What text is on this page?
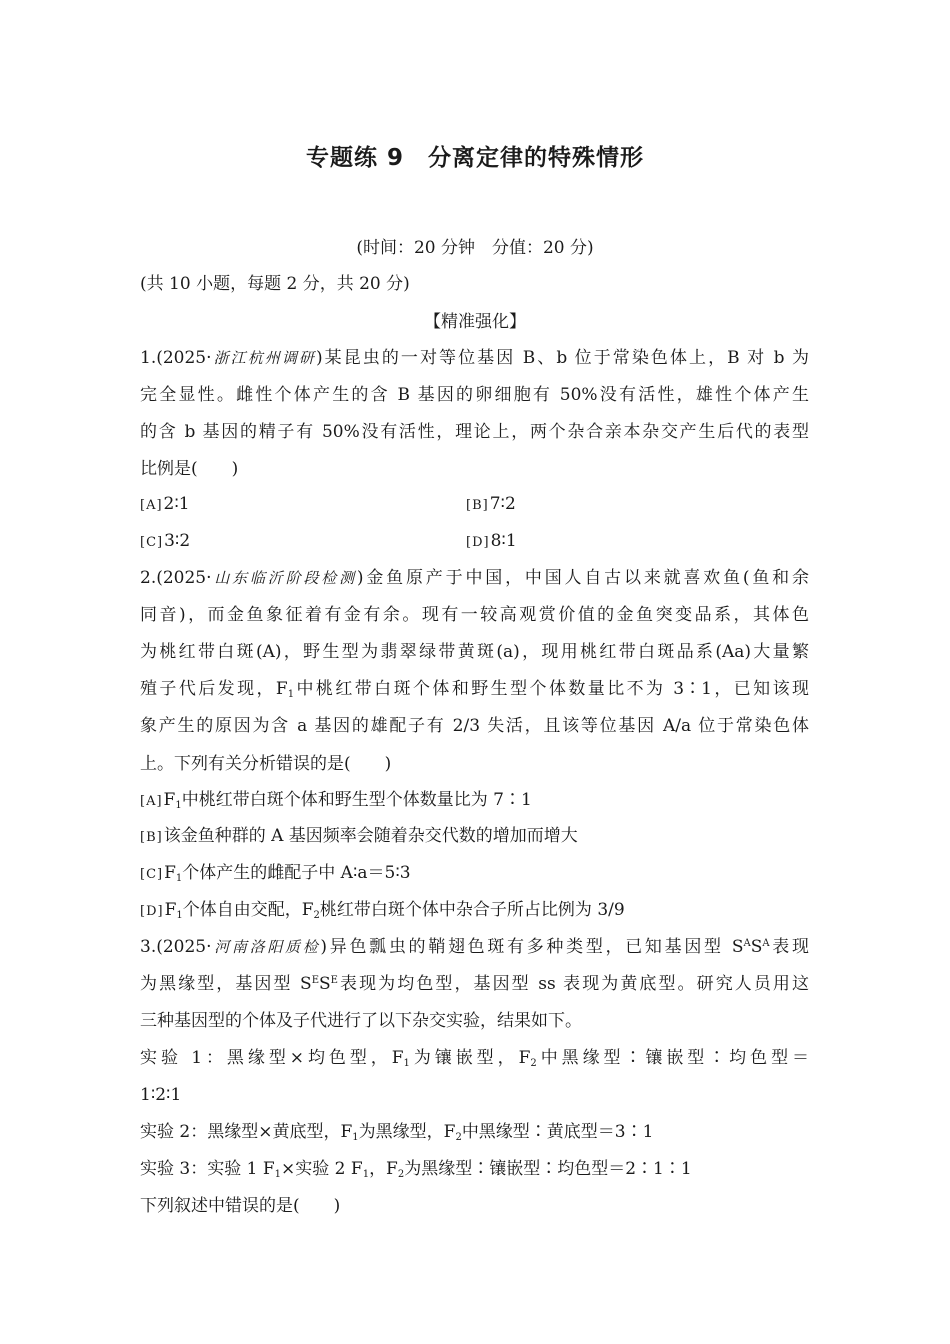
专题练 9　分离定律的特殊情形
(时间：20 分钟　分值：20 分)
(共 10 小题，每题 2 分，共 20 分)
【精准强化】
1.(2025·浙江杭州调研)某昆虫的一对等位基因 B、b 位于常染色体上，B 对 b 为
完全显性。雌性个体产生的含 B 基因的卵细胞有 50%没有活性，雄性个体产生
的含 b 基因的精子有 50%没有活性，理论上，两个杂合亲本杂交产生后代的表型
比例是(　　)
[A]2∶1	[B]7∶2
[C]3∶2	[D]8∶1
2.(2025·山东临沂阶段检测)金鱼原产于中国，中国人自古以来就喜欢鱼(鱼和余
同音)，而金鱼象征着有金有余。现有一较高观赏价值的金鱼突变品系，其体色
为桃红带白斑(A)，野生型为翡翠绿带黄斑(a)，现用桃红带白斑品系(Aa)大量繁
殖子代后发现，$F_1$中桃红带白斑个体和野生型个体数量比不为 3∶1，已知该现
象产生的原因为含 a 基因的雄配子有 2/3 失活，且该等位基因 A/a 位于常染色体
上。下列有关分析错误的是(　　)
$[A]F_1$中桃红带白斑个体和野生型个体数量比为 7∶1
[B]该金鱼种群的 A 基因频率会随着杂交代数的增加而增大
$[C]F_1$个体产生的雌配子中 A∶a＝5∶3
$[D]F_1$个体自由交配，$F_2$桃红带白斑个体中杂合子所占比例为 3/9
3.(2025·河南洛阳质检)异色瓢虫的鞘翅色斑有多种类型，已知基因型 $S^AS^A$表现
为黑缘型，基因型 $S^ES^E$表现为均色型，基因型 ss 表现为黄底型。研究人员用这
三种基因型的个体及子代进行了以下杂交实验，结果如下。
实验 1：黑缘型×均色型，$F_1$为镶嵌型，$F_2$中黑缘型∶镶嵌型∶均色型＝
1∶2∶1
实验 2：黑缘型×黄底型，$F_1$为黑缘型，$F_2$中黑缘型∶黄底型＝3∶1
实验 3：实验 1 $F_1\times$实验 2 $F_1$，$F_2$为黑缘型∶镶嵌型∶均色型＝2∶1∶1
下列叙述中错误的是(　　)
